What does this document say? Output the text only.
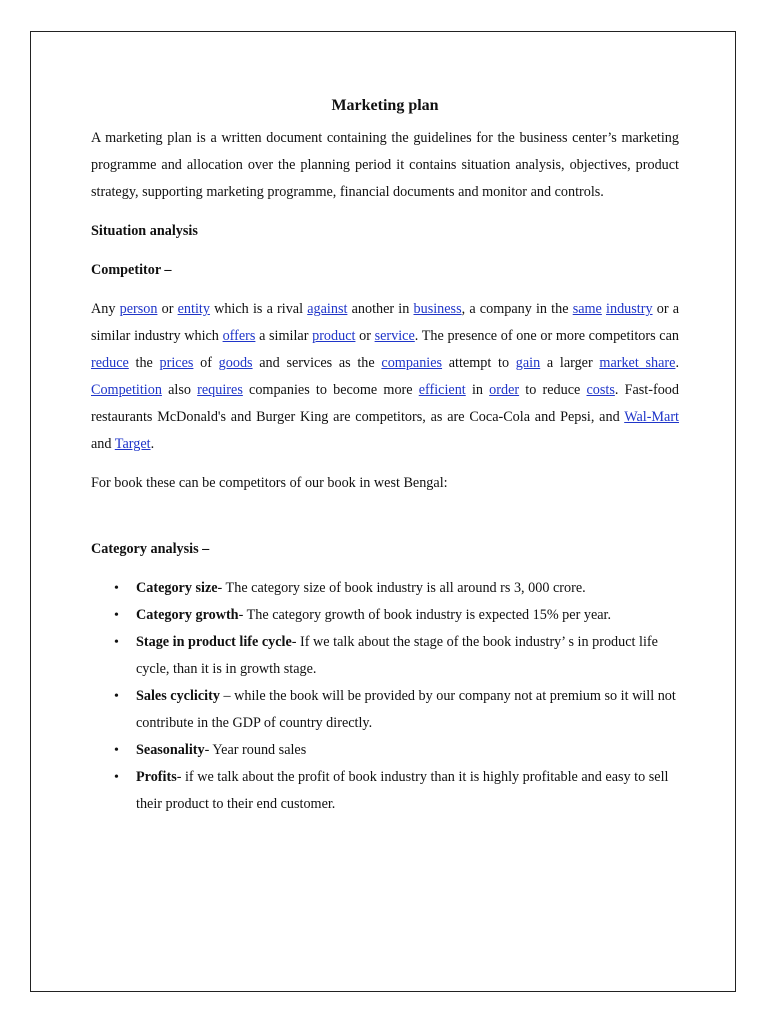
Marketing plan

A marketing plan is a written document containing the guidelines for the business center’s marketing programme and allocation over the planning period it contains situation analysis, objectives, product strategy, supporting marketing programme, financial documents and monitor and controls.

Situation analysis

Competitor –

Any person or entity which is a rival against another in business, a company in the same industry or a similar industry which offers a similar product or service. The presence of one or more competitors can reduce the prices of goods and services as the companies attempt to gain a larger market share. Competition also requires companies to become more efficient in order to reduce costs. Fast-food restaurants McDonald's and Burger King are competitors, as are Coca-Cola and Pepsi, and Wal-Mart and Target.

For book these can be competitors of our book in west Bengal:

Category analysis –

• Category size- The category size of book industry is all around rs 3, 000 crore.
• Category growth- The category growth of book industry is expected 15% per year.
• Stage in product life cycle- If we talk about the stage of the book industry’ s in product life cycle, than it is in growth stage.
• Sales cyclicity – while the book will be provided by our company not at premium so it will not contribute in the GDP of country directly.
• Seasonality- Year round sales
• Profits- if we talk about the profit of book industry than it is highly profitable and easy to sell their product to their end customer.
